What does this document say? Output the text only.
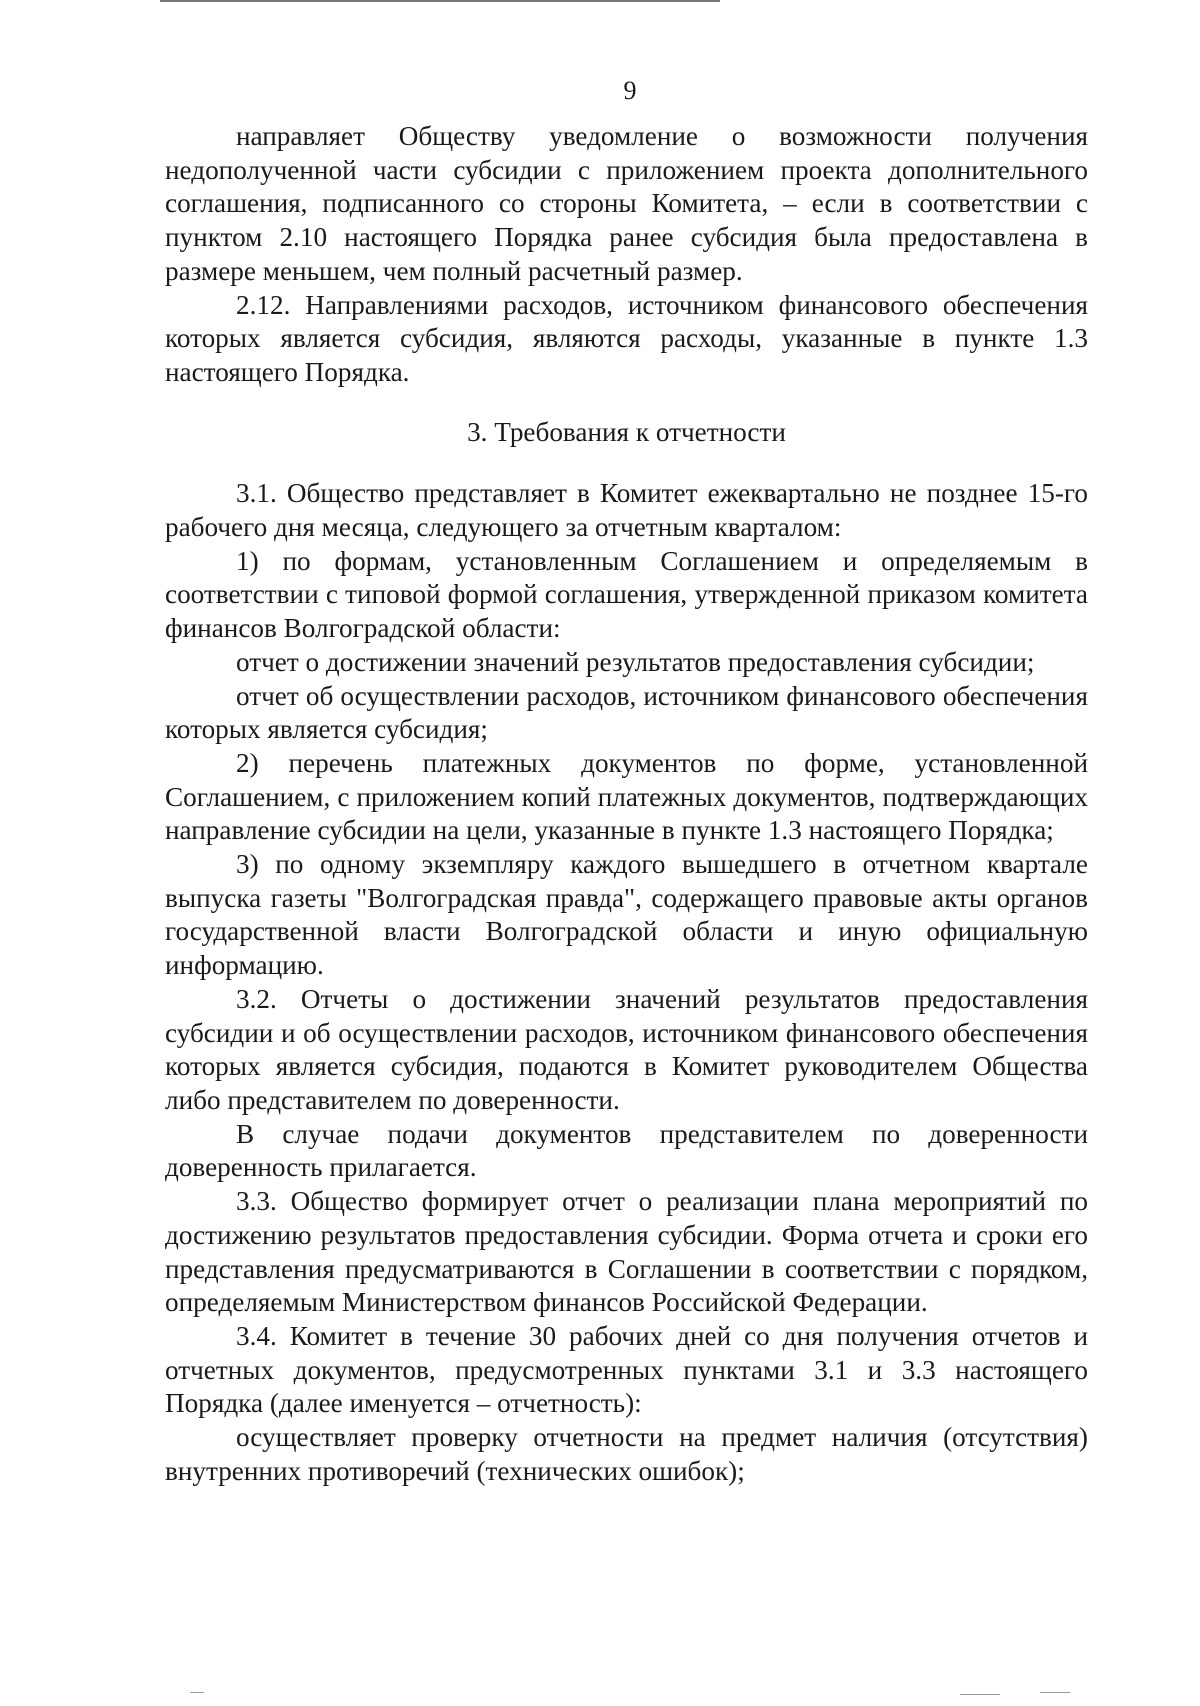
9

направляет Обществу уведомление о возможности получения недополученной части субсидии с приложением проекта дополнительного соглашения, подписанного со стороны Комитета, – если в соответствии с пунктом 2.10 настоящего Порядка ранее субсидия была предоставлена в размере меньшем, чем полный расчетный размер.

2.12. Направлениями расходов, источником финансового обеспечения которых является субсидия, являются расходы, указанные в пункте 1.3 настоящего Порядка.

3. Требования к отчетности

3.1. Общество представляет в Комитет ежеквартально не позднее 15-го рабочего дня месяца, следующего за отчетным кварталом:

1) по формам, установленным Соглашением и определяемым в соответствии с типовой формой соглашения, утвержденной приказом комитета финансов Волгоградской области:

отчет о достижении значений результатов предоставления субсидии;

отчет об осуществлении расходов, источником финансового обеспечения которых является субсидия;

2) перечень платежных документов по форме, установленной Соглашением, с приложением копий платежных документов, подтверждающих направление субсидии на цели, указанные в пункте 1.3 настоящего Порядка;

3) по одному экземпляру каждого вышедшего в отчетном квартале выпуска газеты "Волгоградская правда", содержащего правовые акты органов государственной власти Волгоградской области и иную официальную информацию.

3.2. Отчеты о достижении значений результатов предоставления субсидии и об осуществлении расходов, источником финансового обеспечения которых является субсидия, подаются в Комитет руководителем Общества либо представителем по доверенности.

В случае подачи документов представителем по доверенности доверенность прилагается.

3.3. Общество формирует отчет о реализации плана мероприятий по достижению результатов предоставления субсидии. Форма отчета и сроки его представления предусматриваются в Соглашении в соответствии с порядком, определяемым Министерством финансов Российской Федерации.

3.4. Комитет в течение 30 рабочих дней со дня получения отчетов и отчетных документов, предусмотренных пунктами 3.1 и 3.3 настоящего Порядка (далее именуется – отчетность):

осуществляет проверку отчетности на предмет наличия (отсутствия) внутренних противоречий (технических ошибок);
